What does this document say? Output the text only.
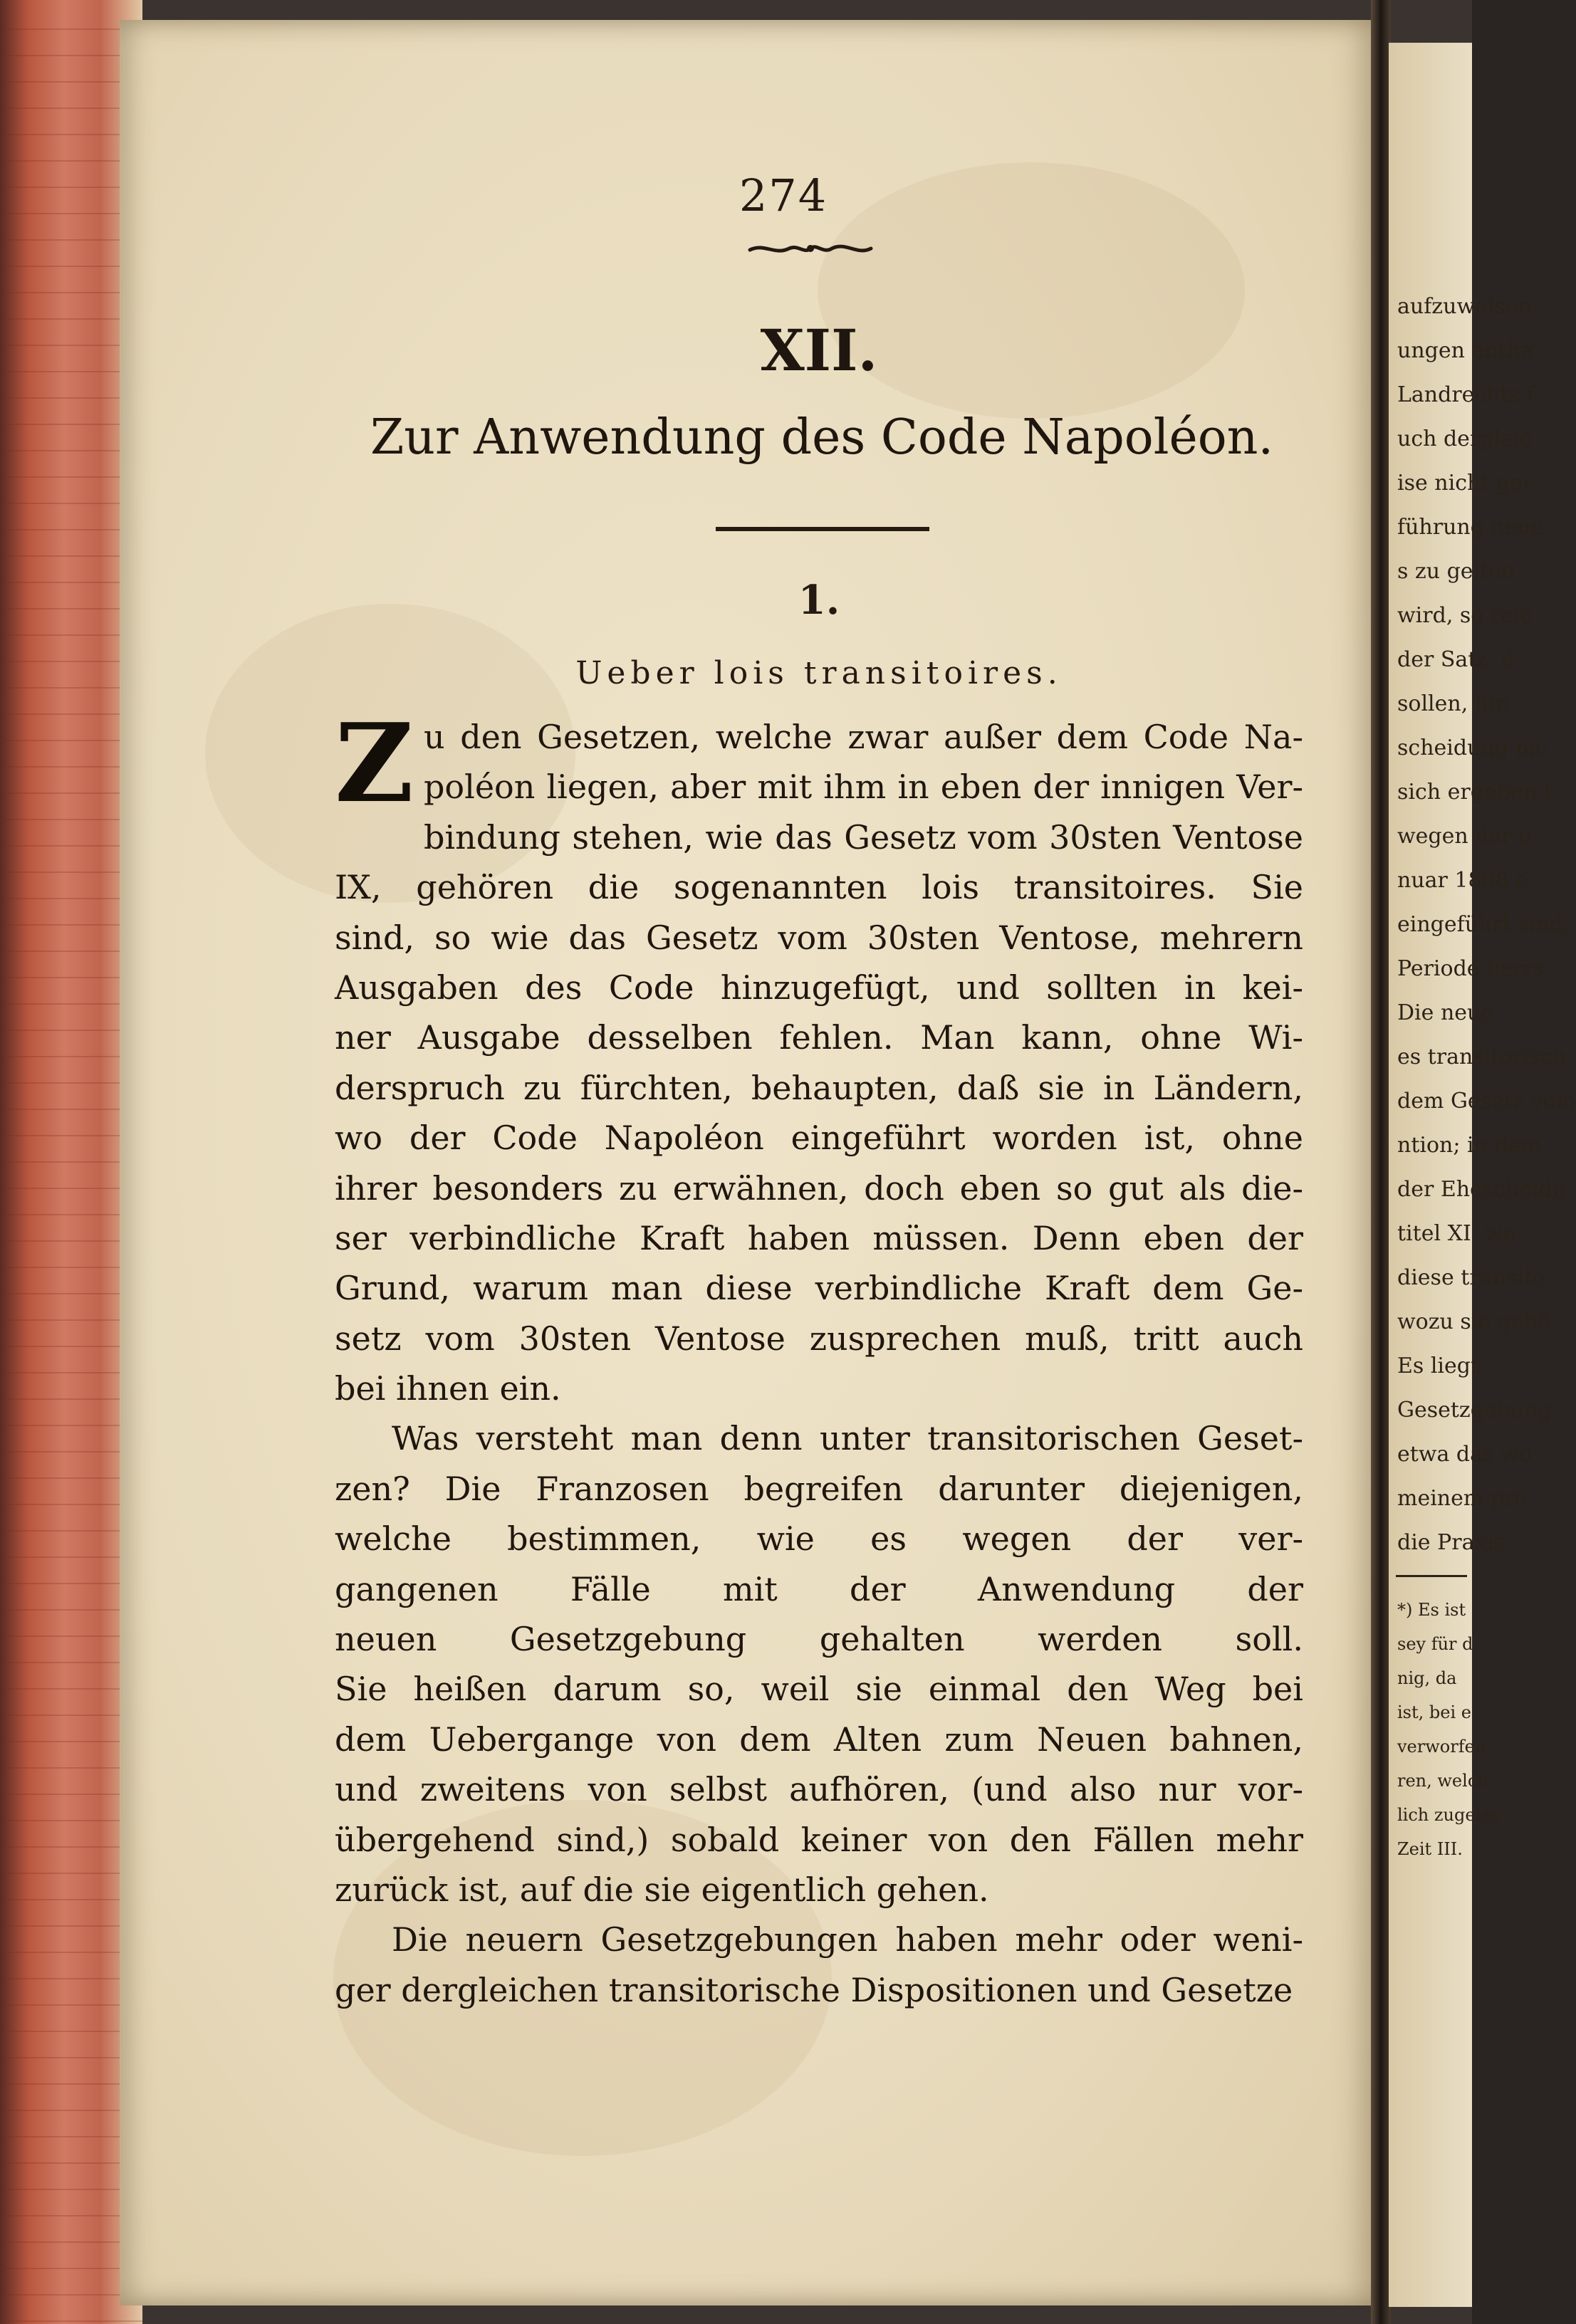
274
XII.
Zur Anwendung des Code Napoléon.
1.
Ueber lois transitoires.
Z u den Gesetzen, welche zwar außer dem Code Na-
poléon liegen, aber mit ihm in eben der innigen Ver-
bindung stehen, wie das Gesetz vom 30sten Ventose
IX, gehören die sogenannten lois transitoires. Sie
sind, so wie das Gesetz vom 30sten Ventose, mehrern
Ausgaben des Code hinzugefügt, und sollten in kei-
ner Ausgabe desselben fehlen. Man kann, ohne Wi-
derspruch zu fürchten, behaupten, daß sie in Ländern,
wo der Code Napoléon eingeführt worden ist, ohne
ihrer besonders zu erwähnen, doch eben so gut als die-
ser verbindliche Kraft haben müssen. Denn eben der
Grund, warum man diese verbindliche Kraft dem Ge-
setz vom 30sten Ventose zusprechen muß, tritt auch
bei ihnen ein.
Was versteht man denn unter transitorischen Geset-
zen? Die Franzosen begreifen darunter diejenigen,
welche bestimmen, wie es wegen der ver-
gangenen Fälle mit der Anwendung der
neuen Gesetzgebung gehalten werden soll.
Sie heißen darum so, weil sie einmal den Weg bei
dem Uebergange von dem Alten zum Neuen bahnen,
und zweitens von selbst aufhören, (und also nur vor-
übergehend sind,) sobald keiner von den Fällen mehr
zurück ist, auf die sie eigentlich gehen.
Die neuern Gesetzgebungen haben mehr oder weni-
ger dergleichen transitorische Dispositionen und Gesetze
aufzuweisen.
ungen enthä
Landrechts f
uch dergleic
ise nicht ger
führung neue
s zu gelten
wird, so reic
der Satz: d
sollen, hin,
scheidung nic
sich ergeben f
wegen der u
nuar 1808 e
eingeführt sind,
Periode herrs
Die neue
es transitorisch
dem Gesetz vom
ntion; in dem
der Ehescheidu
titel XI, we
diese transito
wozu sie gehö
Es liegt
Gesetzgebung,
etwa das wo
meinem pro
die Praxis
*) Es ist
sey für d
nig, da
ist, bei e
verworfen,
ren, welch
lich zugelas
Zeit III.
